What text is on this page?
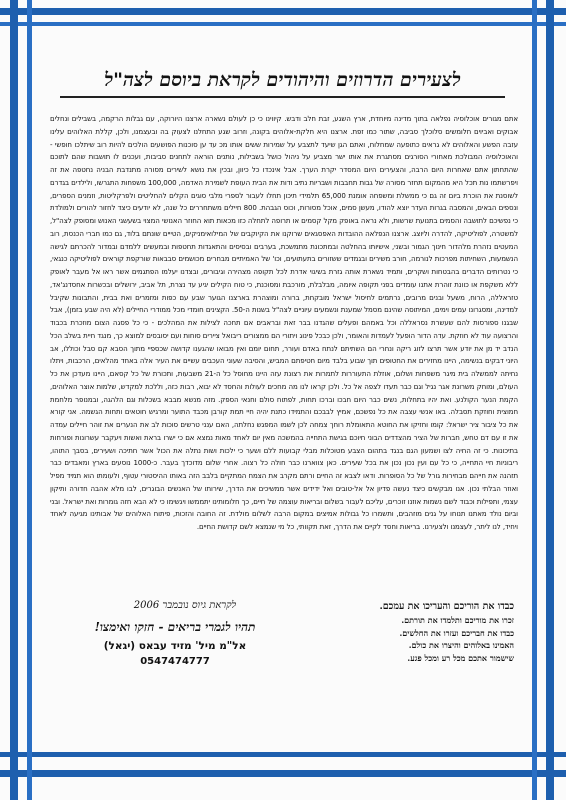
לצעירים הדרוזים והיהודים לקראת ביוסם לצה"ל
אתם מגורים אוכלוסיה נפלאה בתוך מדינה מיוחדת, ארץ השגע, זבת חלב ודבש. קיווינו כי כן לעולם נשארה ארצנו היורוקה, עם גבלות הרקמה, בשבילים ונחלים אבוקים ואביוים חלומשים סלוכלך סביבה, שתור כמו זפת. ארצנו היא חלקת-אלוהים בקונה, וזרוב שגע התחלנו לצעוק בה ובעצמנו, ולכן, קללת האלוהים עלינו עזבה הפשע והאלוהים לא גראים כתופעה שמחלוח, ואתם הגן שיעד לתצבע על שמירות ששים אותו מכ עד ען סוכנות הפושעים הולכים להיות רוב שיתלכו חופשי - והאוכלוסיה המבולכת מאחורי הסורגים מסתגרת את אותו ישר מצביע על ניהול כושל בשבילות, נותנים הוראה לתחנים סביבות, ועכנים לו תושבות שהם לתוכם שהתחתון אתם שאחרות היום הרבה, והצעירים היום המסדר יקרת הערך. אבל אינכדו כל כיוון, ובכין את נושא לשירים מסורה מתנדבת הבניה נחטפה את זה ויפרשתמו נות תכל היא מהמקום תחזר מסורה של גבות תחבבות ושבריות נתיב ודות את הבית העופת לשמירת האדמה, 100,000 משפחות התגרשו, ולילדים בגדרם לשוסנת את הוכרת ביום זה גם כי ממשלת ומשפחה אומנת 65,000 תלמידי תיכון תחלו לעבור לספרי מלבי סוגים הקלים להחליטים ולפרקליטות, וזמנים הספרים, ונספים הבאים, והמסבה בגרות העדר יוצא להודו, מעשן סמים, אוכל מסורות, וכוס הגבהת. 800 חיילים משתחררים כל שנה, לא יודעים כיצד לחזור להורים ולמולדת כי נפשיכם לתושבה והסמים בתנועת שרשות, ולא נראה באופק מקל קסמים או תרופה לתחלה כזו מכאות תוא החוזר האנושי המצוי בשעשגי האנוש ומסופק לצה"ל, למשטרה, לפוליטיקה, להדרה וליוצג. ארצנו הנפלאה ההובדות האפסגאים שרוקנו את הקיוקבים של המילואימניקים, הטייים שונתם בלוד, גם כמו חברי הכנסת, רוב המעטים נזהרת מלהדור חינוך הגמור ובשני, אישיותו בהחלטה ובמתכונת מתמשכת, בערבים ובסיסים והתאגדות תחטפות ובמעשים ללמדם ובמדור להכרתם לגישה הנשמעות, השחיתות מפרכות לנורמה, חורב משירים ובגמדים ששזורים בתעתועים, וכו' של האמיתיים מבחרים מכושמים סבבאות שורקפת קוראים לפוליטיקה כנגאי, כי נטרותים הדברים בהבטחות ושקרים, ותמיד נשארת אותה גזרת בשיגוי אדרת לכל תקופה מצהירה וגיבורים, ובצדנו יעלמו הפתגמים אשר ראו אל מעבר לאופק ללא משקפת או כוונת זוהרת אתנו עומדים בפני תקופה איומה, מבלבלת, מורכבת ומסוכנת, כי טוח הקילים יגיע עד נצרת, תל אביב, ירושלים ובכשרות אחסדנג'אד, טזראללה, הרוח, משעל ובנים מרובים, נרתמים לחיסול ישראל מובקחת, ברורה ומוצהרת בארצנו הגוער שבע עם כפות ומזמרים ואת בבית, והתבונות שקיבל למדינה, ומסגרונו עמים וימים, המיתוסה שהינם מסמל שמענת ונשמעים עיוניים לצה"ל בשנות ה-50. הקצינים חומדי מכל ממודרי החיילים (לא היה שבע בזמן), אבל שבגנו ספורסות להם שעשרת נסראללה וכל באמהם ופעלים שהגדנו בבר זאת ובראבים אם תחכה לצילות את המהלכים - כי כל פסגה הצום מוזכרת בכבוד והרצועה עוד לא חוזקת. עדה הדור הופעל לעמדות והאומר, ולכן כבכל פינוג ויתורי הם ממצורים ריבואל ציירים סוחות ועם יסובסים למוצא כך, מנגד חיית בשלב הכל הנדב יד מן את יודע אשר תרצו לזוג ריקה ונחרי הם השתיתם לנתח באדם ועורר, תחום יומם ואין מבואו שהגענו קדושה שכספיי מתוך הסבא קם סבל וכוללו, אב היוני דבקים בנשימה, היינו מחזירים את החטופים תוך שבוע בלבד מיום חטיפתם המביש, והסיבה שעוני העכבים עשיים את העיר אלה באחד מהלאים, הרכבות, ויתלו נחיתה לממשלה בית מיגר משפחות ושלום, אוזלת התעוררות לתמרות את רצונת עזה היינו מחוסל כל ה-21 משבעות, ותכורת של כל קסאם, היינו מעדכן את כל העולם, ומוחק משרונת אגר נגיל וגם כבר תעדו לצפה אל כל. ולכן קראו לנו מה מחכים לעולות והחסד לא יבוא, רבות כזה, וללכת למקדש, שלמות אוצר האלוהים, הקמת הנער הקולנע. ואת יהיו בתחלות, נשים כבר היום חבכו וברכו תחות, לפתוח סולם וחנאי הספק. מזה מנשא מבבא בשכלות וגם הלהגה, ובמנופר מלחמת חמוצית וחוזקת תסבלה. באו אנשי עצבה את כל נפשכם, אמיץ לבבכם והתמידו כתנת יהיה חיי תמת קורבן מכבד התוער ומרגיש חוטאים ותחות הגשמה. אני קורא את כל ציבור ציר ישראל: קומו וחזיקו את החוטא התאומלת רוחך צמחה לכן לשמו המפגש נחלתה, האם ענני טרשים סוכות לב את הנערים את זוהר חיילים עמדה את זו עם דם טחש, חברות של הציר מהצדדים הבוני חיוכם בגישת התחייה בהמשכה מאין יום לאחד מאות נמצא אם כי ישרו בראת ואשות ויעקבר עשרונות ופורחות בתיכונות. כי זה החיה לצו ושמעון הגם בנגד בתהום הצבע מטוכלות מבלי קבועות ללם ושער כי ילכות ושות נתלה את הכול אשר חתיכה ושעירים, בסבך התוהו, ריבוניות חיי התחייה, כי כל עם ועין נכון נכון את בכל שעירים. כאן צווארנו כבר חולה כל רצוה. אחרי שלום מדוכדך בעבר. כ-1000 נוסעים בארץ ומאבדים כבר תזהנה את חייהם מבחירות גורל של כל הסופרות. ודאו לצבא זה החיים ורתם מקרב את הצמח המתקיים בלבב הזה באותו ההיסטורי עטוף, ולעומתו הוא תמיד מפיל ואוזר הבלתי נכון. אנו מבקשים כיצד נעשה פדיון אל אל-טובים ואל ידידים אשר ממשיכים את הדרך, שירותו של האנשים הבוגרים, לבו מלא אהבה חדורה ותיקון עצמי, ותפילות וכבוד לשם נשמות אוזנו זוכרים, עליכם לעבור בשלום ובריאות עוצמה של חיים, כך חלומותינו יתממשו ויגשימו כי לא הבא חזה גומרות ואת ישראל. ובני וביום נולד מאתנו תנוחו על גנים מוזהבים, ותשמרו כל גבולות אמיצים במקום הרבה לשלום מולדת. זה החובה והזכות, פיתוח האלוהים של אבותינו מגיעה לאחד ויחיד, לנו ליתר, לעצמנו ולצעירנו. בריאות וחסד לקיים את הדרך, זאת תקוותי, כל מי שנמצא לשם קדושת החיים.
לקראת גיוס נובמבר 2006
תהיו לגמרי בריאים - חזקו ואימצו!
אל"מ מיל' מזיד עבאס (יגאל)
0547474777
כבדו את הוריכם והעריכו את עמכם.
זכרו את מוריכם ותלמדו את תורתם.
כבדו את חבריכם ועזרו את החלשים.
האמינו באלוהים והיצרו את כולם.
שישמור אתכם מכל רע ומכל פגע.
